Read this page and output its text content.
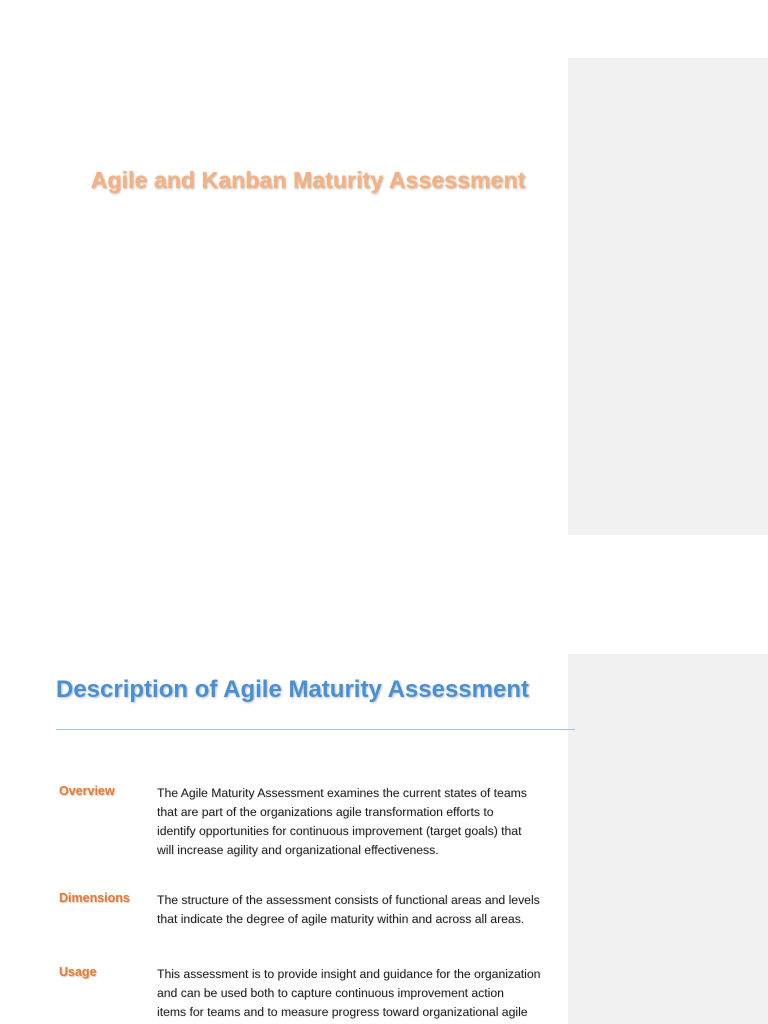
Agile and Kanban Maturity Assessment
Description of Agile Maturity Assessment
Overview	The Agile Maturity Assessment examines the current states of teams
that are part of the organizations agile transformation efforts to
identify opportunities for continuous improvement (target goals) that
will increase agility and organizational effectiveness.
Dimensions The structure of the assessment consists of functional areas and levels
that indicate the degree of agile maturity within and across all areas.
Usage	This assessment is to provide insight and guidance for the organization
and can be used both to capture continuous improvement action
items for teams and to measure progress toward organizational agile
